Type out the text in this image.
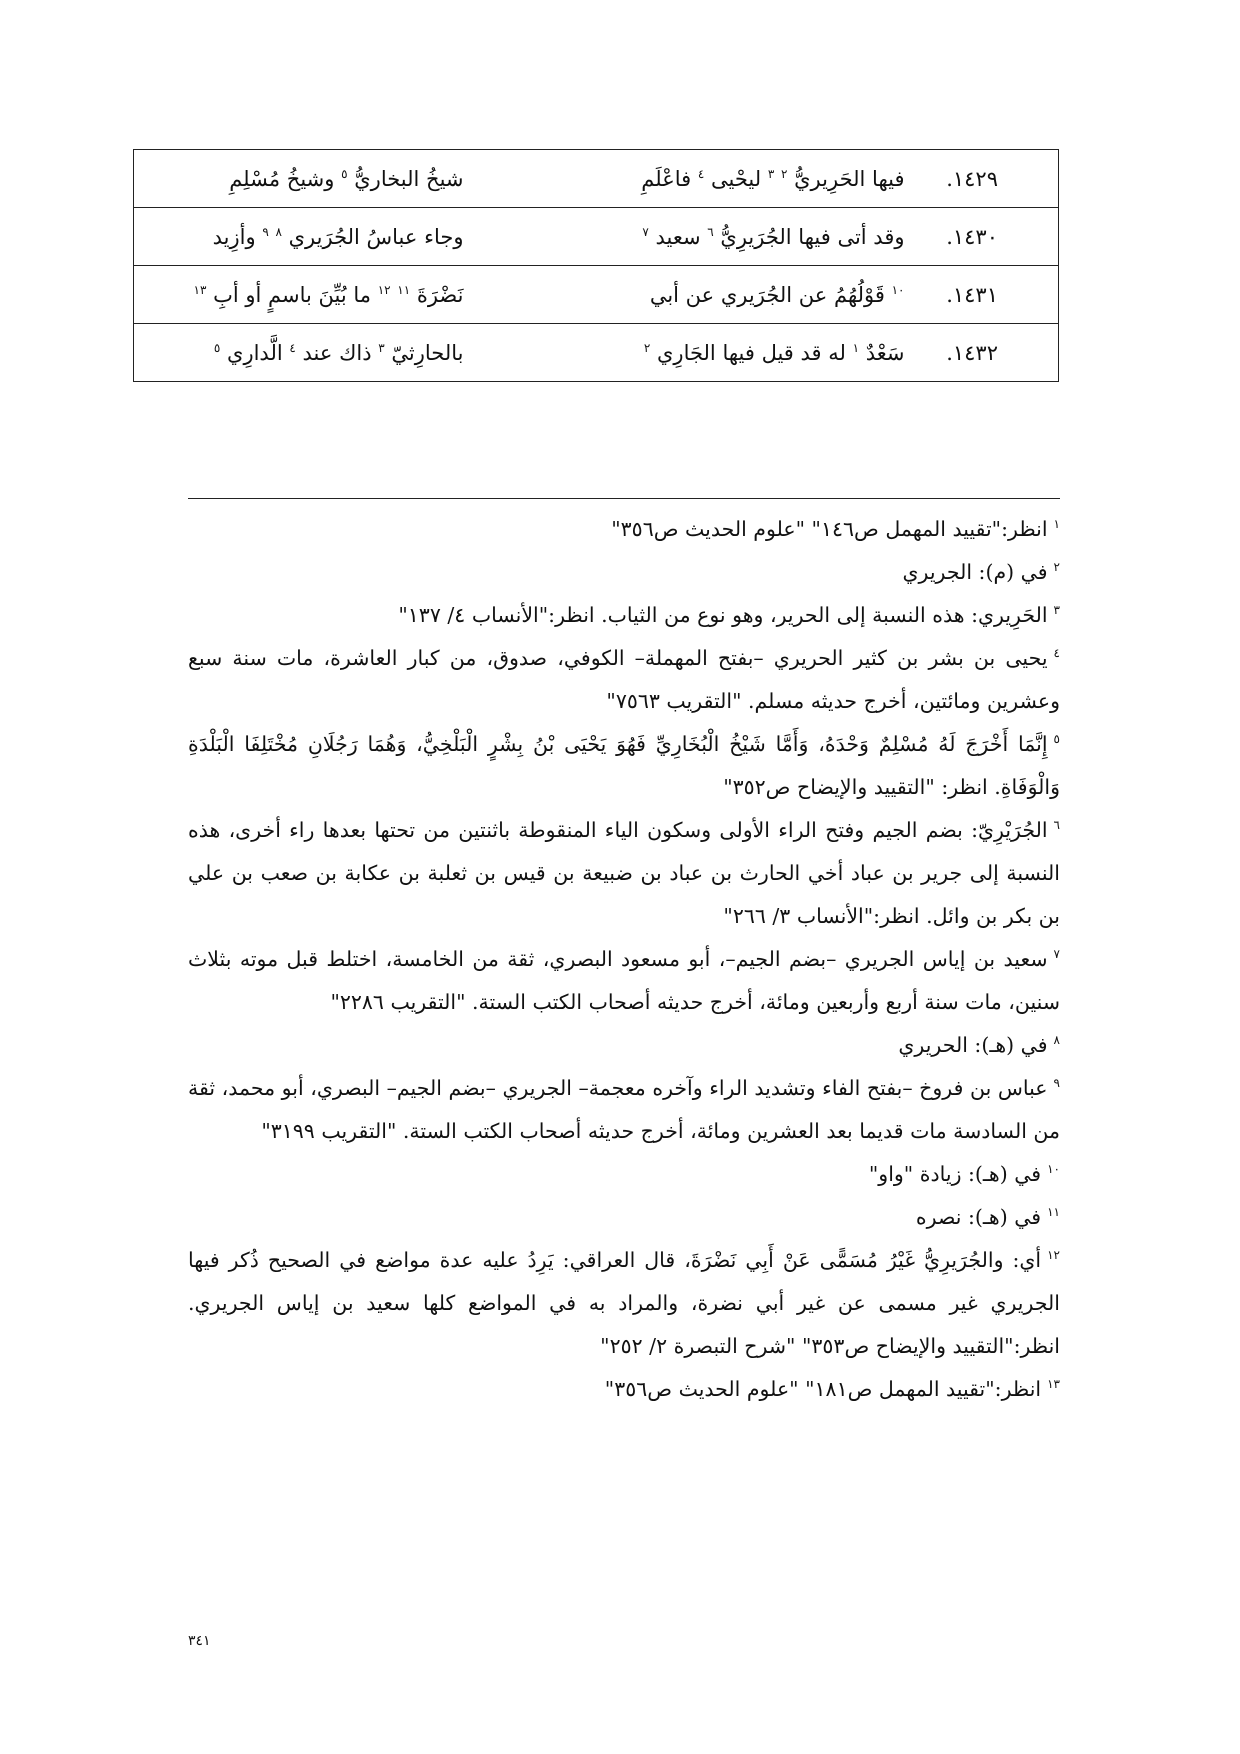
١٤٢٩.	فيها الحَرِيريُّ $^٢$ $^٣$ ليحْيى $^٤$ فاعْلَمِ	شيخُ البخاريُّ $^٥$ وشيخُ مُسْلِمِ
١٤٣٠.	وقد أتى فيها الجُرَيرِيُّ $^٦$ سعيد $^٧$	وجاء عباسُ الجُرَيري $^٨$ $^٩$ وأزِيد
١٤٣١.	$^{١٠}$ قَوْلُهُمُ عن الجُرَيري عن أبي	نَضْرَةَ $^{١١}$ $^{١٢}$ ما بُيِّنَ باسمٍ أو أبِ $^{١٣}$
١٤٣٢.	سَعْدٌ $^١$ له قد قيل فيها الجَارِي $^٢$	بالحارِثيّ $^٣$ ذاك عند $^٤$ الَّدارِي $^٥$

$^١$انظر:"تقييد المهمل ص١٤٦" "علوم الحديث ص٣٥٦"

$^٢$في (م): الجريري

$^٣$الحَرِيري: هذه النسبة إلى الحرير، وهو نوع من الثياب. انظر:"الأنساب ٤/ ١٣٧"

$^٤$يحيى بن بشر بن كثير الحريري –بفتح المهملة– الكوفي، صدوق، من كبار العاشرة، مات سنة سبع وعشرين ومائتين، أخرج حديثه مسلم. "التقريب ٧٥٦٣"

$^٥$إِنَّمَا أَخْرَجَ لَهُ مُسْلِمٌ وَحْدَهُ، وَأَمَّا شَيْخُ الْبُخَارِيِّ فَهُوَ يَحْيَى بْنُ بِشْرٍ الْبَلْخِيُّ، وَهُمَا رَجُلَانِ مُخْتَلِفَا الْبَلْدَةِ وَالْوَفَاةِ. انظر: "التقييد والإيضاح ص٣٥٢"

$^٦$الجُرَيْرِيّ: بضم الجيم وفتح الراء الأولى وسكون الياء المنقوطة باثنتين من تحتها بعدها راء أخرى، هذه النسبة إلى جرير بن عباد أخي الحارث بن عباد بن ضبيعة بن قيس بن ثعلبة بن عكابة بن صعب بن علي بن بكر بن وائل. انظر:"الأنساب ٣/ ٢٦٦"

$^٧$سعيد بن إياس الجريري –بضم الجيم–، أبو مسعود البصري، ثقة من الخامسة، اختلط قبل موته بثلاث سنين، مات سنة أربع وأربعين ومائة، أخرج حديثه أصحاب الكتب الستة. "التقريب ٢٢٨٦"

$^٨$في (هـ): الحريري

$^٩$عباس بن فروخ –بفتح الفاء وتشديد الراء وآخره معجمة– الجريري –بضم الجيم– البصري، أبو محمد، ثقة من السادسة مات قديما بعد العشرين ومائة، أخرج حديثه أصحاب الكتب الستة. "التقريب ٣١٩٩"

$^{١٠}$في (هـ): زيادة "واو"

$^{١١}$في (هـ): نصره

$^{١٢}$أي: والجُرَيرِيُّ غَيْرُ مُسَمًّى عَنْ أَبِي نَضْرَةَ، قال العراقي: يَرِدُ عليه عدة مواضع في الصحيح ذُكر فيها الجريري غير مسمى عن غير أبي نضرة، والمراد به في المواضع كلها سعيد بن إياس الجريري. انظر:"التقييد والإيضاح ص٣٥٣" "شرح التبصرة ٢/ ٢٥٢"

$^{١٣}$انظر:"تقييد المهمل ص١٨١" "علوم الحديث ص٣٥٦"

٣٤١
